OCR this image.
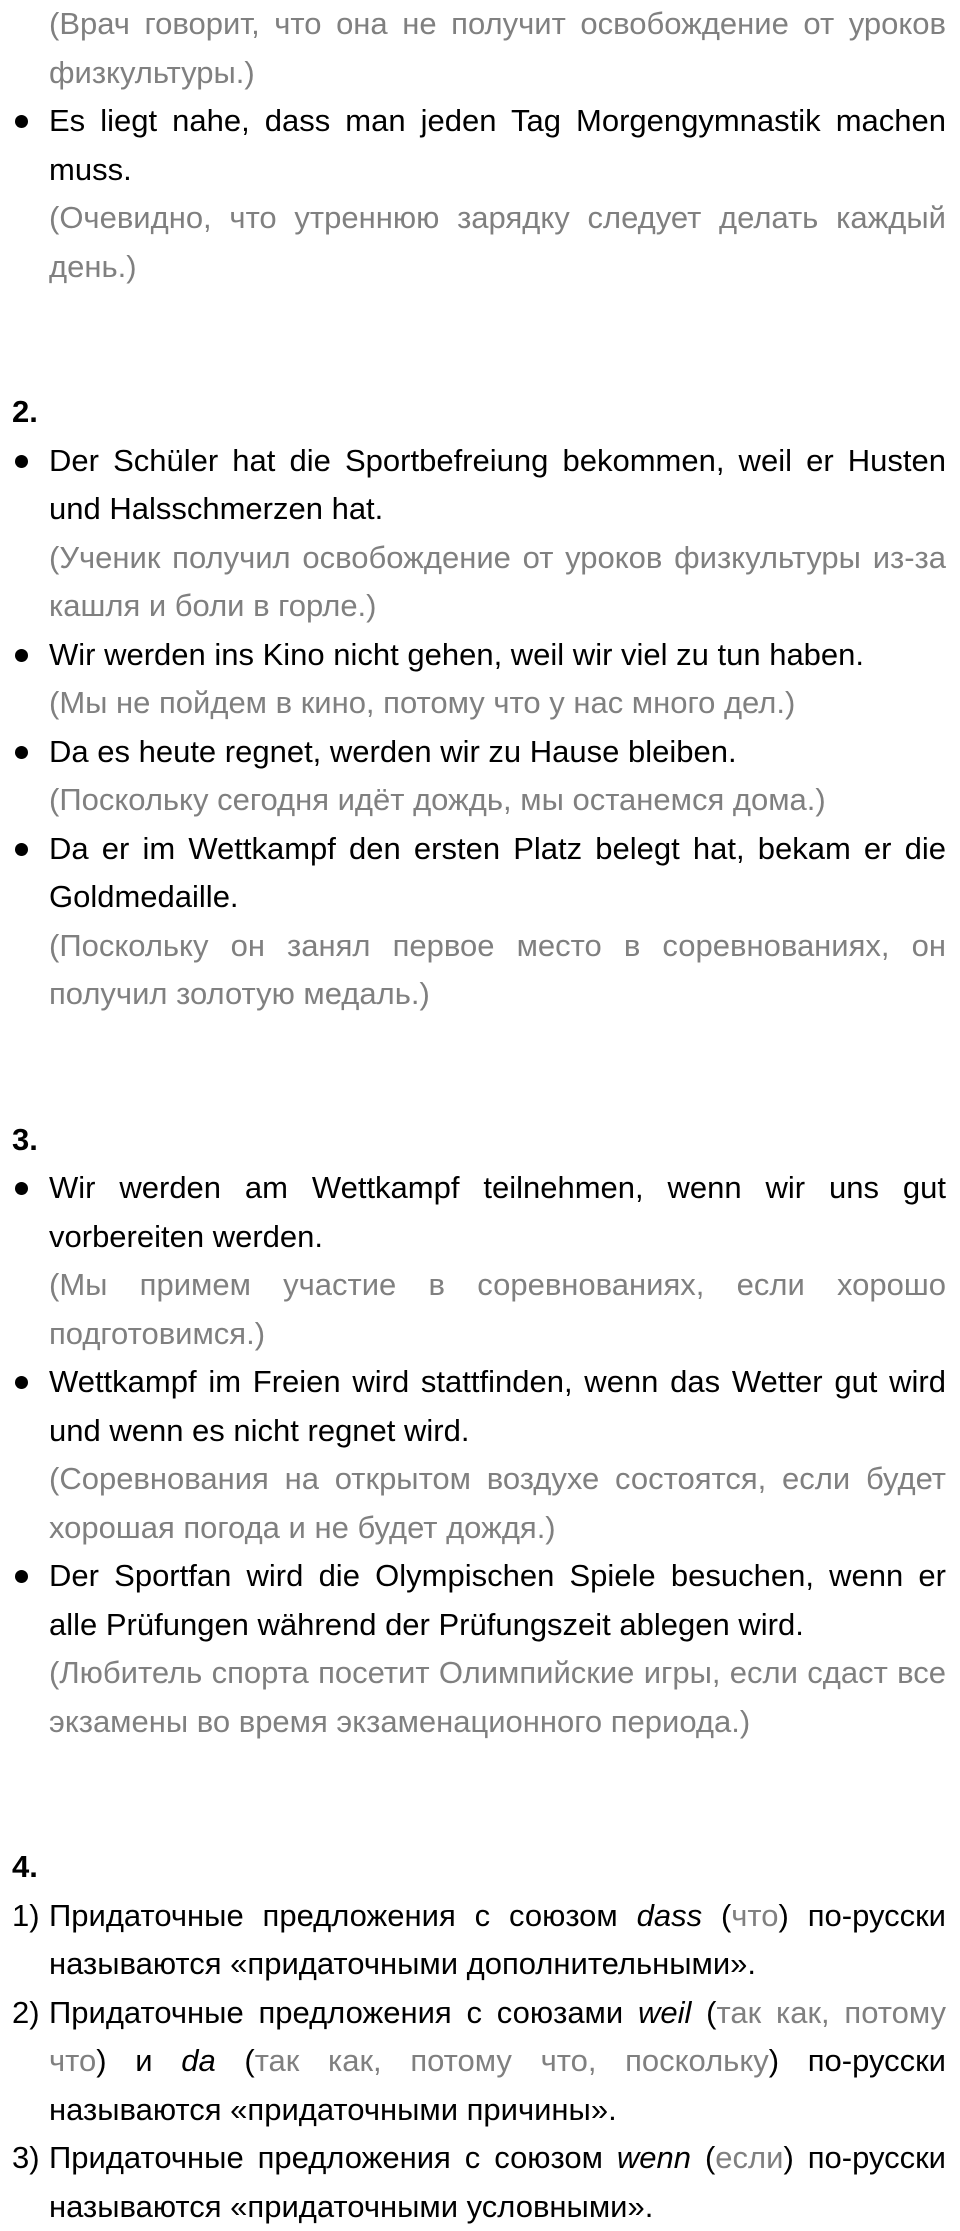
(Врач говорит, что она не получит освобождение от уроков физкультуры.)
Es liegt nahe, dass man jeden Tag Morgengymnastik machen muss.
(Очевидно, что утреннюю зарядку следует делать каждый день.)
2.
Der Schüler hat die Sportbefreiung bekommen, weil er Husten und Halsschmerzen hat.
(Ученик получил освобождение от уроков физкультуры из-за кашля и боли в горле.)
Wir werden ins Kino nicht gehen, weil wir viel zu tun haben.
(Мы не пойдем в кино, потому что у нас много дел.)
Da es heute regnet, werden wir zu Hause bleiben.
(Поскольку сегодня идёт дождь, мы останемся дома.)
Da er im Wettkampf den ersten Platz belegt hat, bekam er die Goldmedaille.
(Поскольку он занял первое место в соревнованиях, он получил золотую медаль.)
3.
Wir werden am Wettkampf teilnehmen, wenn wir uns gut vorbereiten werden.
(Мы примем участие в соревнованиях, если хорошо подготовимся.)
Wettkampf im Freien wird stattfinden, wenn das Wetter gut wird und wenn es nicht regnet wird.
(Соревнования на открытом воздухе состоятся, если будет хорошая погода и не будет дождя.)
Der Sportfan wird die Olympischen Spiele besuchen, wenn er alle Prüfungen während der Prüfungszeit ablegen wird.
(Любитель спорта посетит Олимпийские игры, если сдаст все экзамены во время экзаменационного периода.)
4.
1) Придаточные предложения с союзом dass (что) по-русски называются «придаточными дополнительными».
2) Придаточные предложения с союзами weil (так как, потому что) и da (так как, потому что, поскольку) по-русски называются «придаточными причины».
3) Придаточные предложения с союзом wenn (если) по-русски называются «придаточными условными».
